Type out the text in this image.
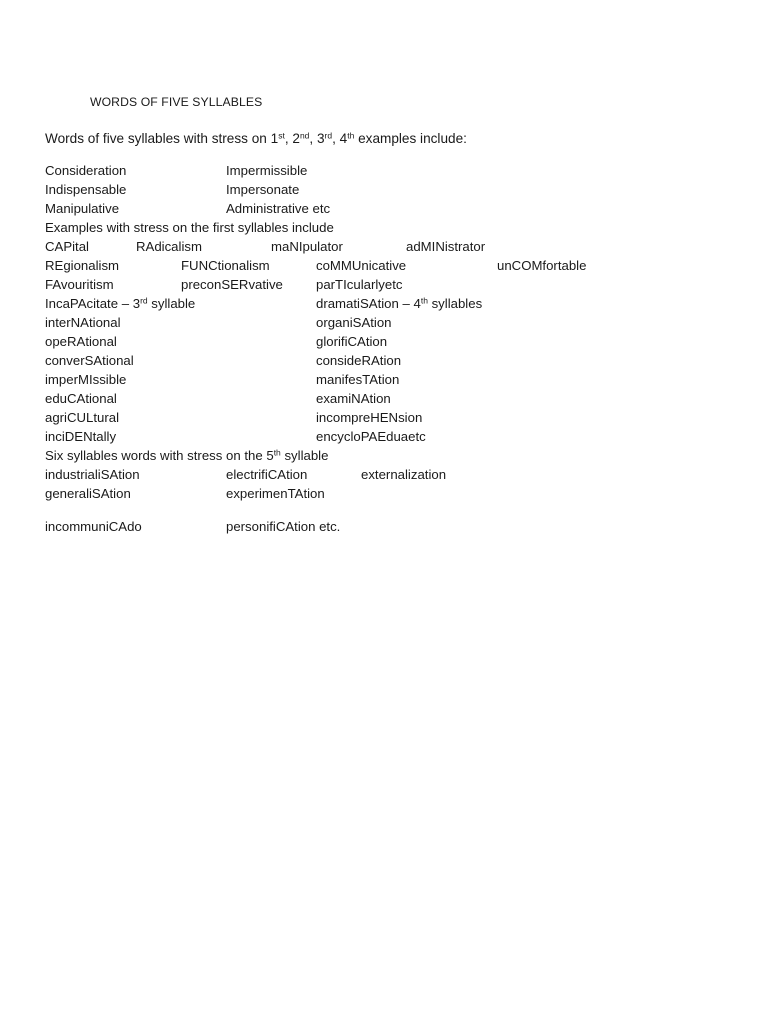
WORDS OF FIVE SYLLABLES
Words of five syllables with stress on 1st, 2nd, 3rd, 4th examples include:
Consideration	Impermissible
Indispensable	Impersonate
Manipulative	Administrative etc
Examples with stress on the first syllables include
CAPital	RAdicalism	maNIpulator	adMINistrator
REgionalism	FUNCtionalism	coMMUnicative	unCOMfortable
FAvouritism	preconSERvative	parTIcularlyetc
IncaPAcitate – 3rd syllable	dramatiSAtion – 4th syllables
interNAtional	organiSAtion
opeRAtional	glorifiCAtion
converSAtional	consideRAtion
imperMIssible	manifesTAtion
eduCAtional	examiNAtion
agriCULtural	incompreHENsion
inciDENtally	encycloPAEduaetc
Six syllables words with stress on the 5th syllable
industrialiSAtion	electrifiCAtion	externalization
generaliSAtion	experimenTAtion
incommuniCAdo	personifiCAtion etc.
